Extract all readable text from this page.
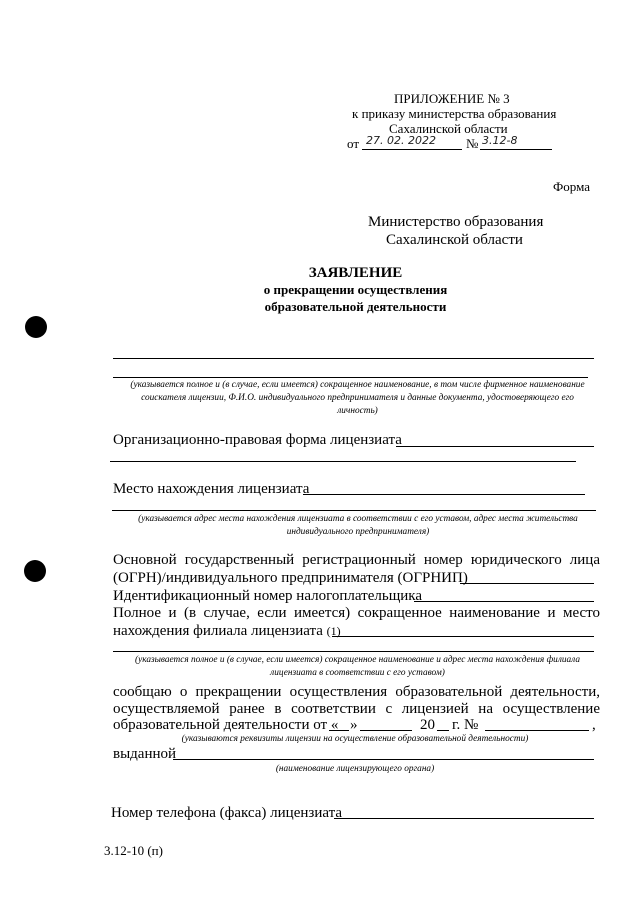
ПРИЛОЖЕНИЕ № 3
к приказу министерства образования
Сахалинской области
от 27. 02. 2022 № 3.12-8
Форма
Министерство образования
Сахалинской области
ЗАЯВЛЕНИЕ
о прекращении осуществления
образовательной деятельности
(указывается полное и (в случае, если имеется) сокращенное наименование, в том числе фирменное наименование соискателя лицензии, Ф.И.О. индивидуального предпринимателя и данные документа, удостоверяющего его личность)
Организационно-правовая форма лицензиата
Место нахождения лицензиата
(указывается адрес места нахождения лицензиата в соответствии с его уставом, адрес места жительства индивидуального предпринимателя)
Основной государственный регистрационный номер юридического лица
(ОГРН)/индивидуального предпринимателя (ОГРНИП)
Идентификационный номер налогоплательщика
Полное и (в случае, если имеется) сокращенное наименование и место
нахождения филиала лицензиата (1)
(указывается полное и (в случае, если имеется) сокращенное наименование и адрес места нахождения филиала лицензиата в соответствии с его уставом)
сообщаю о прекращении осуществления образовательной деятельности,
осуществляемой ранее в соответствии с лицензией на осуществление
образовательной деятельности от « »	20 г. №	,
(указываются реквизиты лицензии на осуществление образовательной деятельности)
выданной
(наименование лицензирующего органа)
Номер телефона (факса) лицензиата
3.12-10 (п)
